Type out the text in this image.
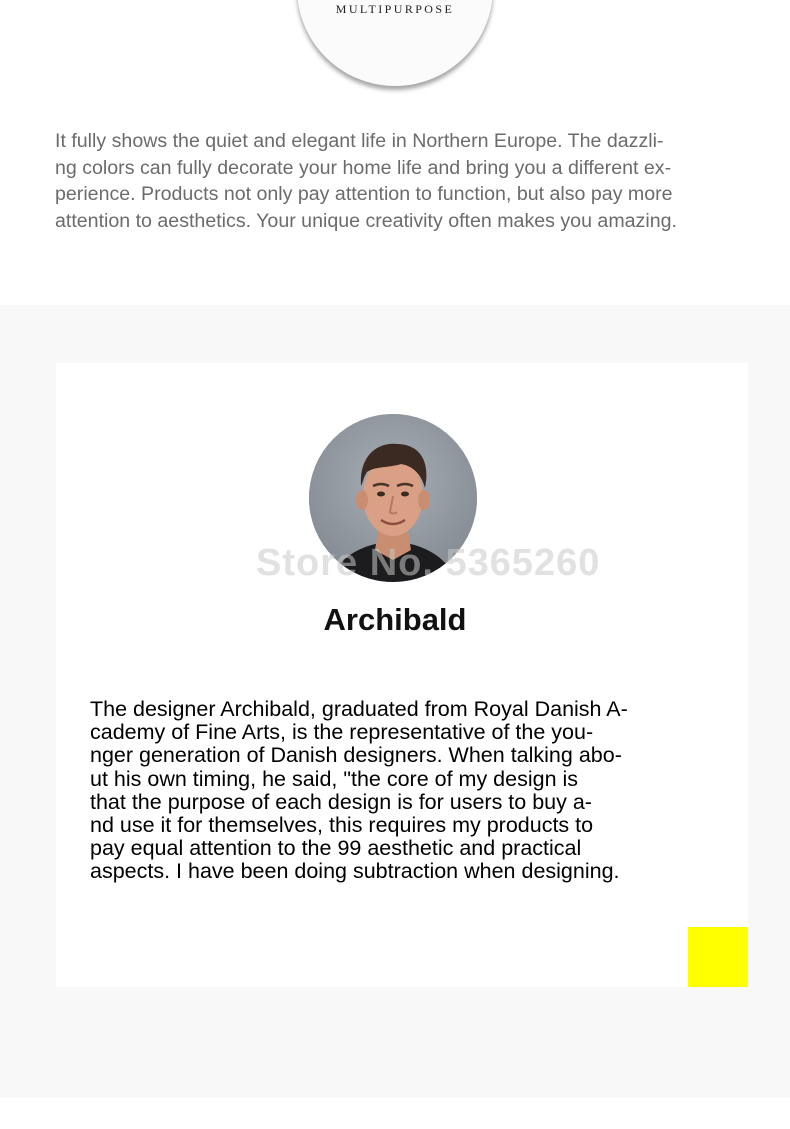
MULTIPURPOSE

It fully shows the quiet and elegant life in Northern Europe. The dazzli-
ng colors can fully decorate your home life and bring you a different ex-
perience. Products not only pay attention to function, but also pay more
attention to aesthetics. Your unique creativity often makes you amazing.

Store No. 5365260
Archibald

The designer Archibald, graduated from Royal Danish A-
cademy of Fine Arts, is the representative of the you-
nger generation of Danish designers. When talking abo-
ut his own timing, he said, "the core of my design is
that the purpose of each design is for users to buy a-
nd use it for themselves, this requires my products to
pay equal attention to the 99 aesthetic and practical
aspects. I have been doing subtraction when designing.
